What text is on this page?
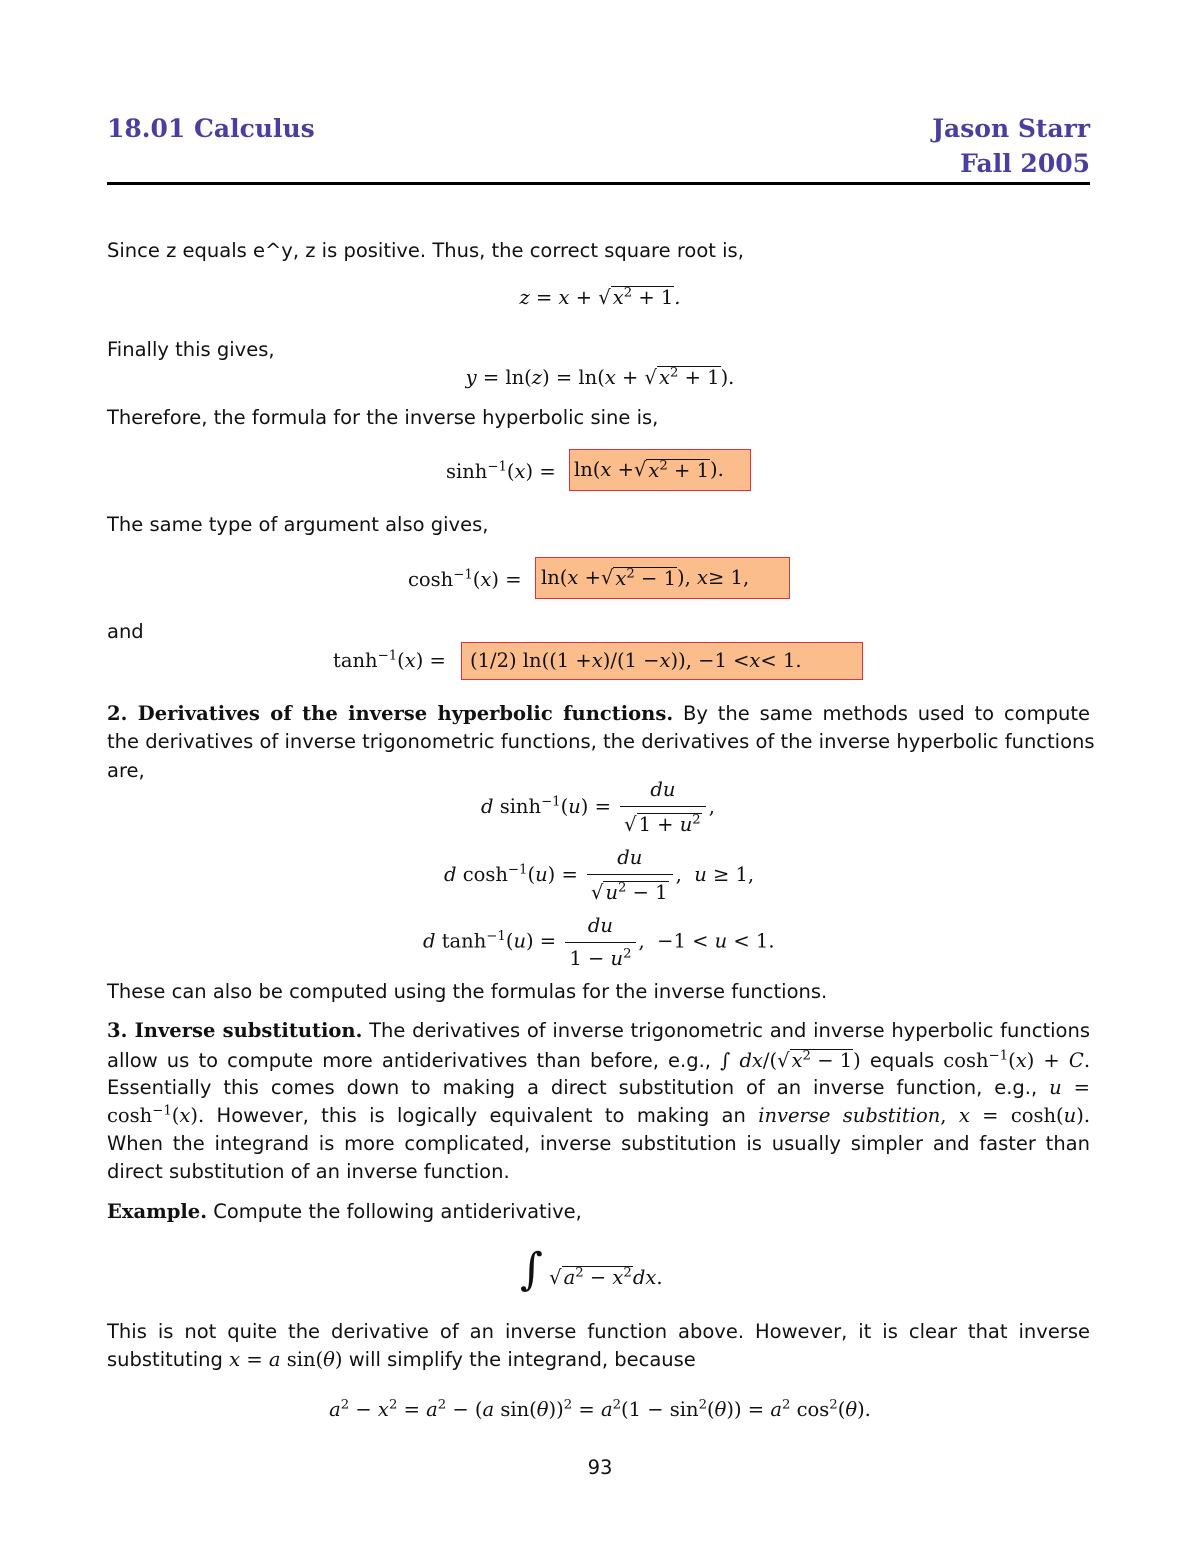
18.01 Calculus	Jason Starr
Fall 2005
Since z equals e^y, z is positive. Thus, the correct square root is,
z = x + √ $x^2 + 1$.
Finally this gives,
y = ln(z) = ln(x + √ $x^2 + 1$).
Therefore, the formula for the inverse hyperbolic sine is,
$\sinh^{-1}(x) = \ln$( x + √ $x^2 + 1$ ).
The same type of argument also gives,
$\cosh^{-1}(x) = \ln$( x + √ $x^2 - 1$ ), x ≥ 1,
and
$\tanh^{-1}(x) = (1/2) \ln((1 + x$ )/(1 − x )),
−1 < x < 1.
2. Derivatives of the inverse hyperbolic functions. By the same methods used to compute
the derivatives of inverse trigonometric functions, the derivatives of the inverse hyperbolic functions
are,
d $\sinh^{-1}(u) = \frac{du}{√ 1 + u^2}$ ,
d $\cosh^{-1}(u) = \frac{du}{√ u^2 - 1}$ ,  u ≥ 1,
d $\tanh^{-1}(u) = \frac{du}{1 - u^2}$ ,  −1 < u < 1.
These can also be computed using the formulas for the inverse functions.
3. Inverse substitution. The derivatives of inverse trigonometric and inverse hyperbolic functions
allow us to compute more antiderivatives than before, e.g., ∫ dx/(√ $x^2 - 1$) equals $\cosh^{-1}(x) + C$.
Essentially this comes down to making a direct substitution of an inverse function, e.g., u =
$\cosh^{-1}(x)$. However, this is logically equivalent to making an inverse substition, x = cosh(u).
When the integrand is more complicated, inverse substitution is usually simpler and faster than
direct substitution of an inverse function.
Example. Compute the following antiderivative,
∫ √ $a^2 - x^2dx$.
This is not quite the derivative of an inverse function above. However, it is clear that inverse
substituting x = a sin(θ) will simplify the integrand, because
$a^2 - x^2 = a^2 - (a$ $\sin(\theta))^2 = a^2(1 - \sin^2(\theta)) = a^2$ $\cos^2(\theta)$.
93
